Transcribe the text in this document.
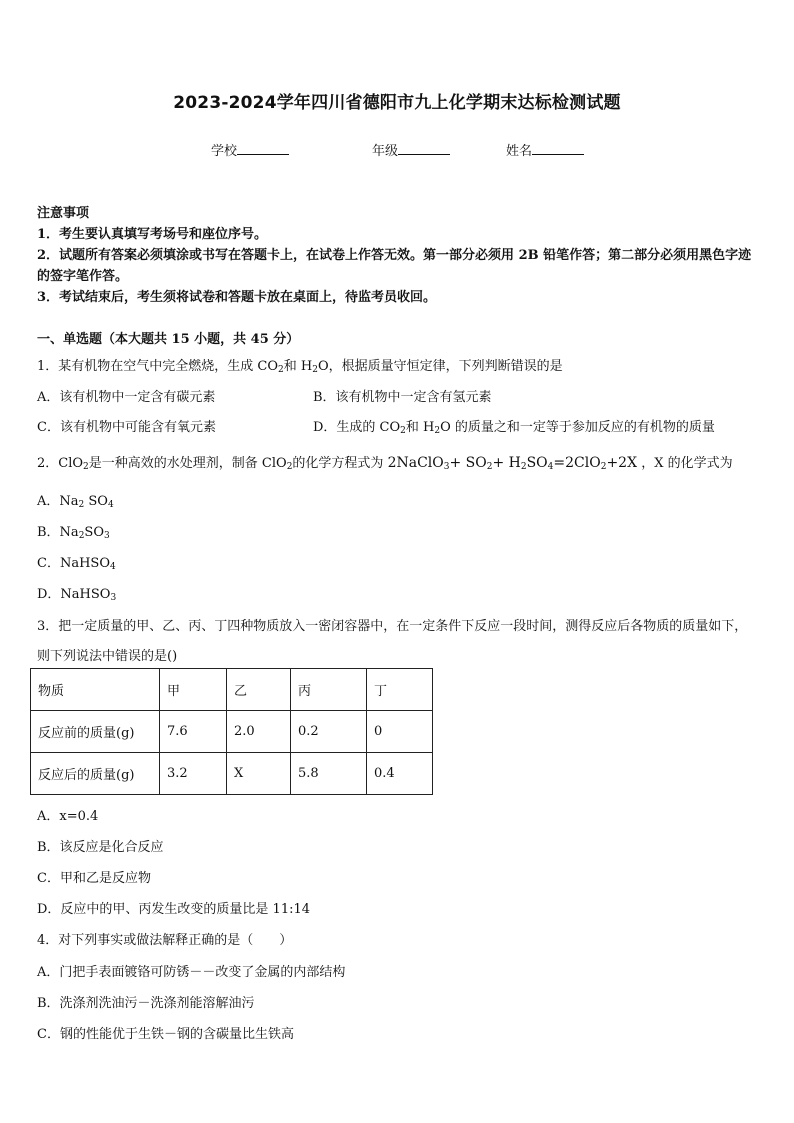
2023-2024学年四川省德阳市九上化学期末达标检测试题
学校	年级	姓名

注意事项

1．考生要认真填写考场号和座位序号。

2．试题所有答案必须填涂或书写在答题卡上，在试卷上作答无效。第一部分必须用 2B 铅笔作答；第二部分必须用黑色字迹的签字笔作答。

3．考试结束后，考生须将试卷和答题卡放在桌面上，待监考员收回。

一、单选题（本大题共 15 小题，共 45 分）
1．某有机物在空气中完全燃烧，生成 $CO_2$和 $H_2O$，根据质量守恒定律，下列判断错误的是
A．该有机物中一定含有碳元素	B．该有机物中一定含有氢元素
C．该有机物中可能含有氧元素	D．生成的 $CO_2$和 $H_2O$ 的质量之和一定等于参加反应的有机物的质量
2．ClO$_2$是一种高效的水处理剂，制备 ClO$_2$的化学方程式为 2NaClO$_3$+ $SO_2+ H_2SO_4=2ClO_2+2X$ ，X 的化学式为
A．$Na_2$ $SO_4$
B．$Na_2SO_3$
C．NaHSO$_4$
D．NaHSO$_3$
3．把一定质量的甲、乙、丙、丁四种物质放入一密闭容器中，在一定条件下反应一段时间，测得反应后各物质的质量如下，则下列说法中错误的是()
物质	甲	乙	丙	丁
反应前的质量(g)	7.6	2.0	0.2	0
反应后的质量(g)	3.2	X	5.8	0.4
A．x=0.4
B．该反应是化合反应
C．甲和乙是反应物
D．反应中的甲、丙发生改变的质量比是 11:14
4．对下列事实或做法解释正确的是（　　）
A．门把手表面镀铬可防锈－－改变了金属的内部结构
B．洗涤剂洗油污－洗涤剂能溶解油污
C．钢的性能优于生铁－钢的含碳量比生铁高
